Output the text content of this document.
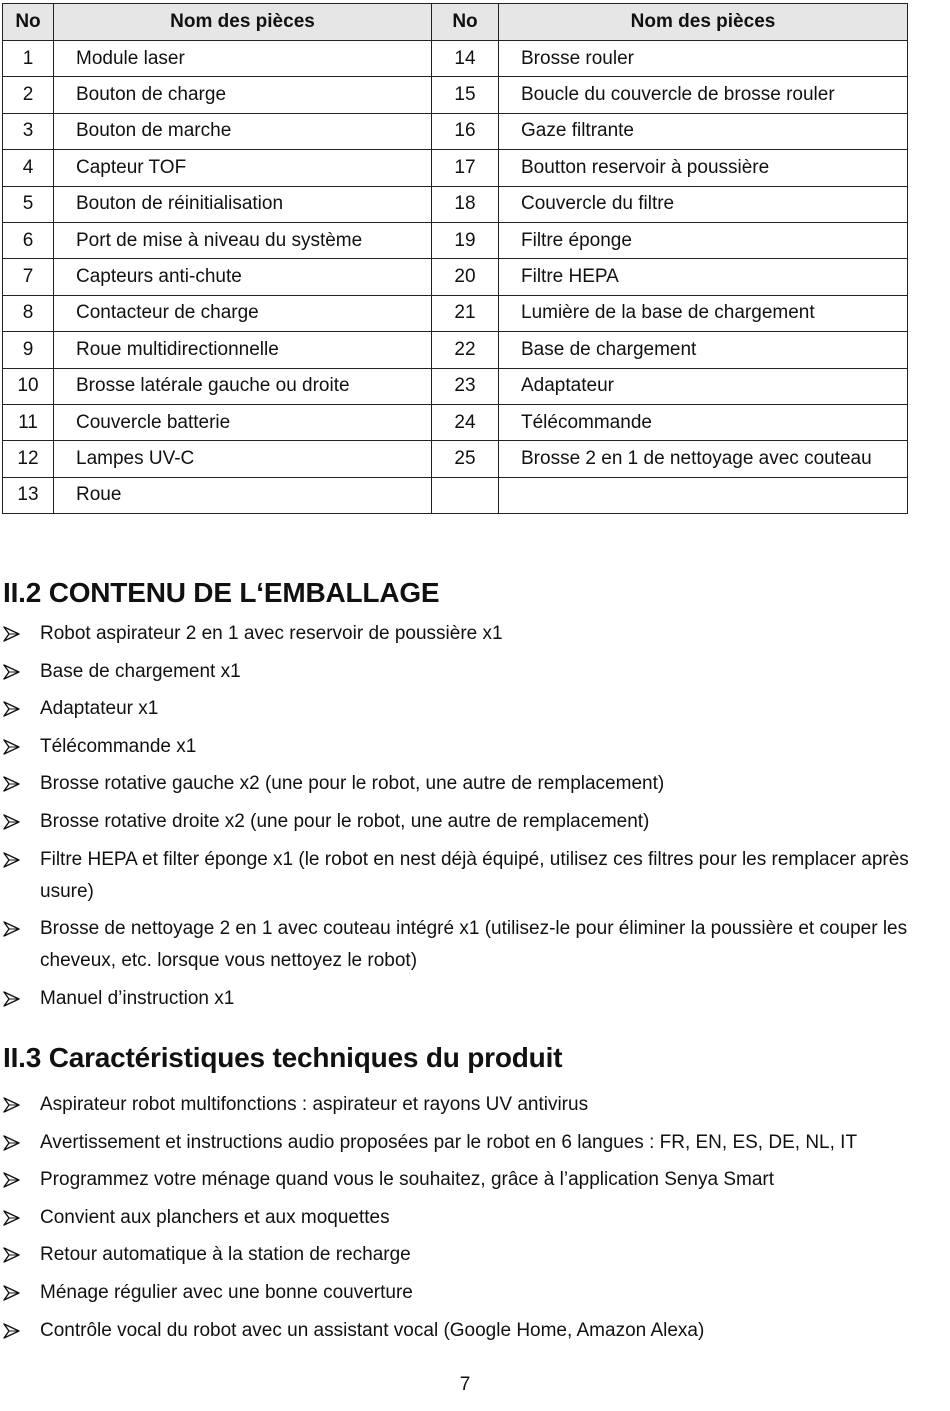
No	Nom des pièces	No	Nom des pièces
1	Module laser	14	Brosse rouler
2	Bouton de charge	15	Boucle du couvercle de brosse rouler
3	Bouton de marche	16	Gaze filtrante
4	Capteur TOF	17	Boutton reservoir à poussière
5	Bouton de réinitialisation	18	Couvercle du filtre
6	Port de mise à niveau du système	19	Filtre éponge
7	Capteurs anti-chute	20	Filtre HEPA
8	Contacteur de charge	21	Lumière de la base de chargement
9	Roue multidirectionnelle	22	Base de chargement
10	Brosse latérale gauche ou droite	23	Adaptateur
11	Couvercle batterie	24	Télécommande
12	Lampes UV-C	25	Brosse 2 en 1 de nettoyage avec couteau
13	Roue		
II.2 CONTENU DE L‘EMBALLAGE
Robot aspirateur 2 en 1 avec reservoir de poussière x1
Base de chargement x1
Adaptateur x1
Télécommande x1
Brosse rotative gauche x2 (une pour le robot, une autre de remplacement)
Brosse rotative droite x2 (une pour le robot, une autre de remplacement)
Filtre HEPA et filter éponge x1 (le robot en nest déjà équipé, utilisez ces filtres pour les remplacer après usure)
Brosse de nettoyage 2 en 1 avec couteau intégré x1 (utilisez-le pour éliminer la poussière et couper les cheveux, etc. lorsque vous nettoyez le robot)
Manuel d’instruction x1
II.3 Caractéristiques techniques du produit
Aspirateur robot multifonctions : aspirateur et rayons UV antivirus
Avertissement et instructions audio proposées par le robot en 6 langues : FR, EN, ES, DE, NL, IT
Programmez votre ménage quand vous le souhaitez, grâce à l’application Senya Smart
Convient aux planchers et aux moquettes
Retour automatique à la station de recharge
Ménage régulier avec une bonne couverture
Contrôle vocal du robot avec un assistant vocal (Google Home, Amazon Alexa)
7
